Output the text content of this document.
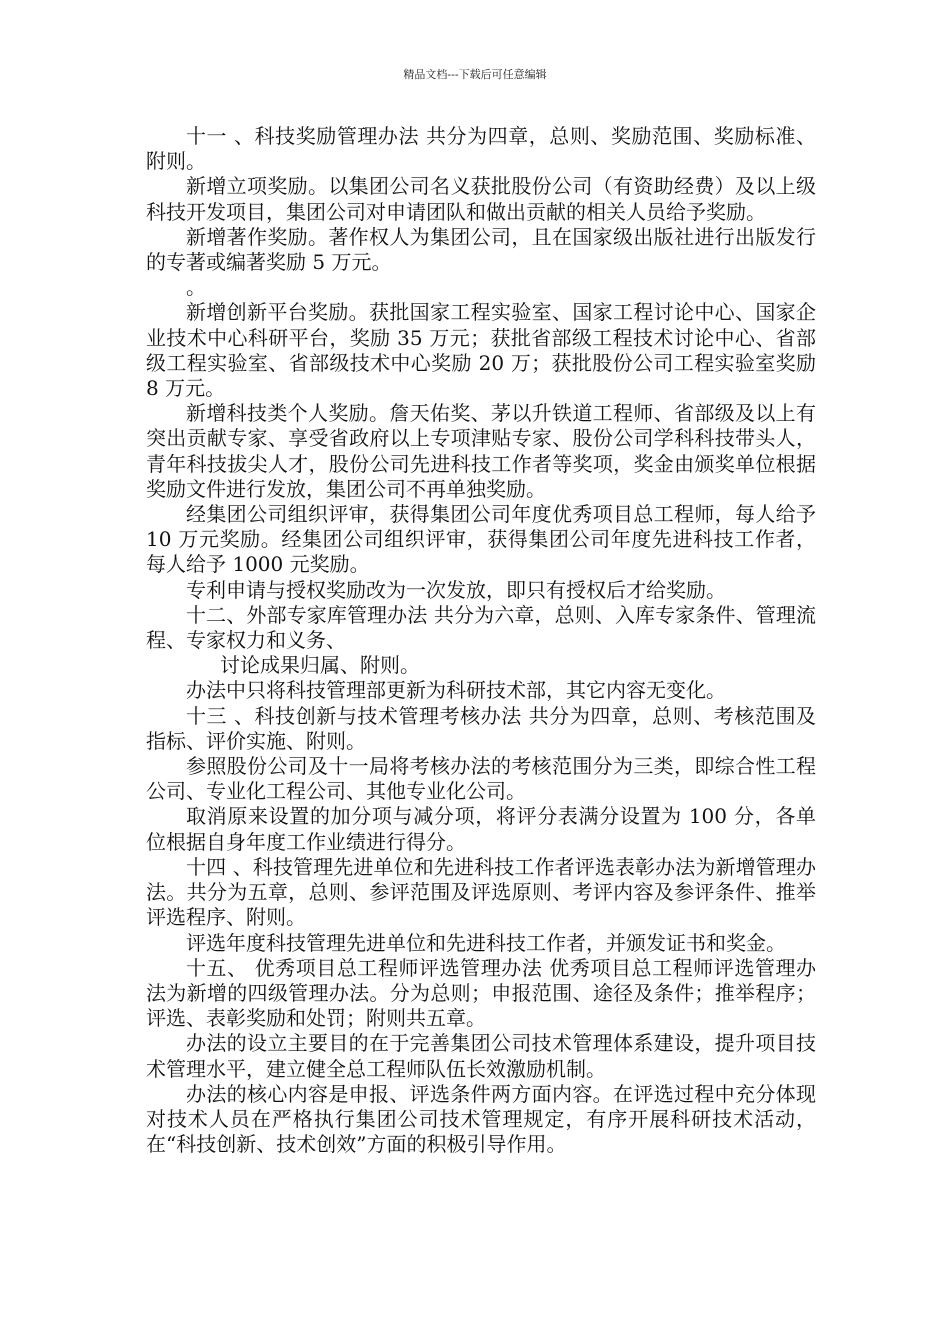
精品文档---下载后可任意编辑

十一 、科技奖励管理办法 共分为四章，总则、奖励范围、奖励标准、附则。

新增立项奖励。以集团公司名义获批股份公司（有资助经费）及以上级科技开发项目，集团公司对申请团队和做出贡献的相关人员给予奖励。

新增著作奖励。著作权人为集团公司，且在国家级出版社进行出版发行的专著或编著奖励 5 万元。

。

新增创新平台奖励。获批国家工程实验室、国家工程讨论中心、国家企业技术中心科研平台，奖励 35 万元；获批省部级工程技术讨论中心、省部级工程实验室、省部级技术中心奖励 20 万；获批股份公司工程实验室奖励 8 万元。

新增科技类个人奖励。詹天佑奖、茅以升铁道工程师、省部级及以上有突出贡献专家、享受省政府以上专项津贴专家、股份公司学科科技带头人，青年科技拔尖人才，股份公司先进科技工作者等奖项，奖金由颁奖单位根据奖励文件进行发放，集团公司不再单独奖励。

经集团公司组织评审，获得集团公司年度优秀项目总工程师，每人给予 10 万元奖励。经集团公司组织评审，获得集团公司年度先进科技工作者，每人给予 1000 元奖励。

专利申请与授权奖励改为一次发放，即只有授权后才给奖励。

十二、外部专家库管理办法 共分为六章，总则、入库专家条件、管理流程、专家权力和义务、

讨论成果归属、附则。

办法中只将科技管理部更新为科研技术部，其它内容无变化。

十三 、科技创新与技术管理考核办法 共分为四章，总则、考核范围及指标、评价实施、附则。

参照股份公司及十一局将考核办法的考核范围分为三类，即综合性工程公司、专业化工程公司、其他专业化公司。

取消原来设置的加分项与减分项，将评分表满分设置为 100 分，各单位根据自身年度工作业绩进行得分。

十四 、科技管理先进单位和先进科技工作者评选表彰办法为新增管理办法。共分为五章，总则、参评范围及评选原则、考评内容及参评条件、推举评选程序、附则。

评选年度科技管理先进单位和先进科技工作者，并颁发证书和奖金。

十五、 优秀项目总工程师评选管理办法 优秀项目总工程师评选管理办法为新增的四级管理办法。分为总则；申报范围、途径及条件；推举程序；评选、表彰奖励和处罚；附则共五章。

办法的设立主要目的在于完善集团公司技术管理体系建设，提升项目技术管理水平，建立健全总工程师队伍长效激励机制。

办法的核心内容是申报、评选条件两方面内容。在评选过程中充分体现对技术人员在严格执行集团公司技术管理规定，有序开展科研技术活动，在“科技创新、技术创效”方面的积极引导作用。
